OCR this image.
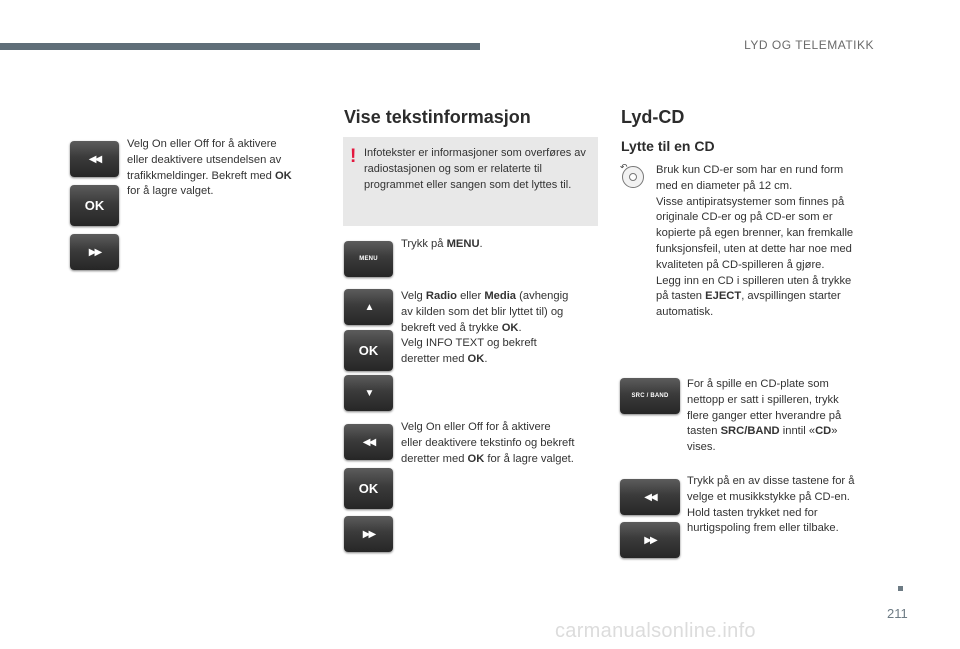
LYD OG TELEMATIKK
◀◀
OK
▶▶
Velg On eller Off for å aktivere
eller deaktivere utsendelsen av
trafikkmeldinger. Bekreft med OK
for å lagre valget.
Vise tekstinformasjon
! Infotekster er informasjoner som overføres av radiostasjonen og som er relaterte til programmet eller sangen som det lyttes til.
MENU
Trykk på MENU.
▲
OK
▼
Velg Radio eller Media (avhengig
av kilden som det blir lyttet til) og
bekreft ved å trykke OK.
Velg INFO TEXT og bekreft
deretter med OK.
◀◀
OK
▶▶
Velg On eller Off for å aktivere
eller deaktivere tekstinfo og bekreft
deretter med OK for å lagre valget.
Lyd-CD
Lytte til en CD
↶	Bruk kun CD-er som har en rund form
med en diameter på 12 cm.
Visse antipiratsystemer som finnes på
originale CD-er og på CD-er som er
kopierte på egen brenner, kan fremkalle
funksjonsfeil, uten at dette har noe med
kvaliteten på CD-spilleren å gjøre.
Legg inn en CD i spilleren uten å trykke
på tasten EJECT, avspillingen starter
automatisk.
SRC / BAND
For å spille en CD-plate som
nettopp er satt i spilleren, trykk
flere ganger etter hverandre på
tasten SRC/BAND inntil «CD»
vises.
◀◀
▶▶
Trykk på en av disse tastene for å
velge et musikkstykke på CD-en.
Hold tasten trykket ned for
hurtigspoling frem eller tilbake.
211
carmanualsonline.info
